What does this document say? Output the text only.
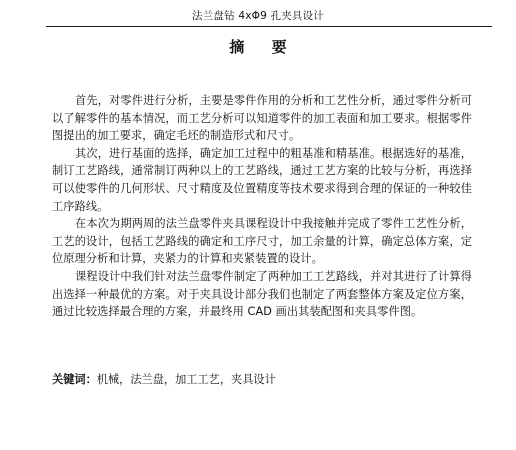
法兰盘钻 4xΦ9 孔夹具设计
摘 要

首先，对零件进行分析，主要是零件作用的分析和工艺性分析，通过零件分析可以了解零件的基本情况，而工艺分析可以知道零件的加工表面和加工要求。根据零件图提出的加工要求，确定毛坯的制造形式和尺寸。

其次，进行基面的选择，确定加工过程中的粗基准和精基准。根据选好的基准，制订工艺路线，通常制订两种以上的工艺路线，通过工艺方案的比较与分析，再选择可以使零件的几何形状、尺寸精度及位置精度等技术要求得到合理的保证的一种较佳工序路线。

在本次为期两周的法兰盘零件夹具课程设计中我接触并完成了零件工艺性分析，工艺的设计，包括工艺路线的确定和工序尺寸，加工余量的计算，确定总体方案，定位原理分析和计算，夹紧力的计算和夹紧装置的设计。

课程设计中我们针对法兰盘零件制定了两种加工工艺路线，并对其进行了计算得出选择一种最优的方案。对于夹具设计部分我们也制定了两套整体方案及定位方案，通过比较选择最合理的方案，并最终用 CAD 画出其装配图和夹具零件图。

关键词：机械，法兰盘，加工工艺，夹具设计
